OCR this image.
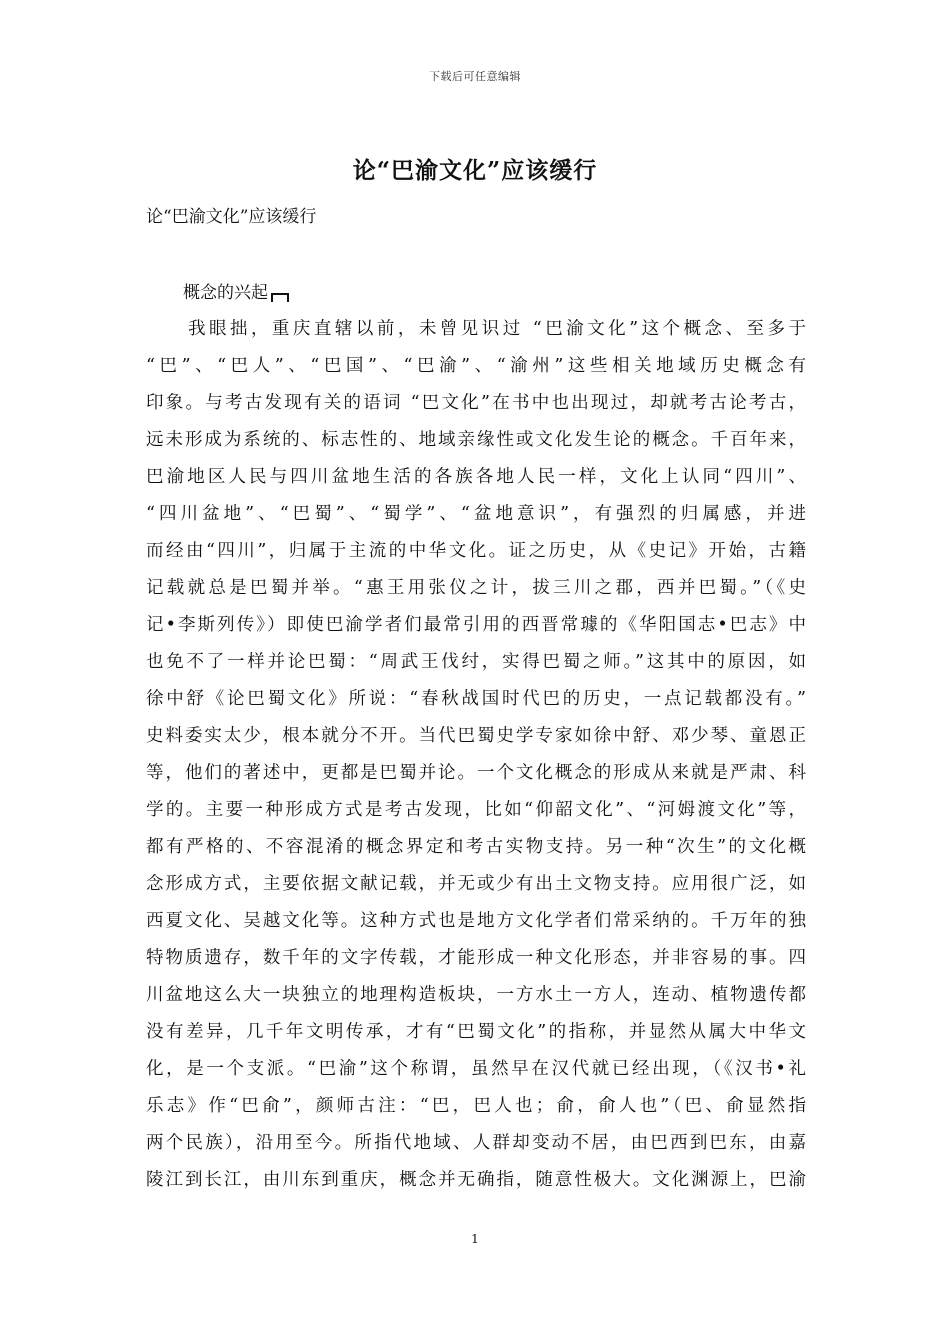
下载后可任意编辑
论“巴渝文化”应该缓行
论“巴渝文化”应该缓行
概念的兴起
我眼拙，重庆直辖以前，未曾见识过 “巴渝文化”这个概念、至多于
“巴”、“巴人”、“巴国”、“巴渝”、“渝州”这些相关地域历史概念有
印象。与考古发现有关的语词 “巴文化”在书中也出现过，却就考古论考古，
远未形成为系统的、标志性的、地域亲缘性或文化发生论的概念。千百年来，
巴渝地区人民与四川盆地生活的各族各地人民一样，文化上认同“四川”、
“四川盆地”、“巴蜀”、“蜀学”、“盆地意识”，有强烈的归属感，并进
而经由“四川”，归属于主流的中华文化。证之历史，从《史记》开始，古籍
记载就总是巴蜀并举。“惠王用张仪之计，拔三川之郡，西并巴蜀。”（《史
记•李斯列传》）即使巴渝学者们最常引用的西晋常璩的《华阳国志•巴志》中
也免不了一样并论巴蜀：“周武王伐纣，实得巴蜀之师。”这其中的原因，如
徐中舒《论巴蜀文化》所说：“春秋战国时代巴的历史，一点记载都没有。”
史料委实太少，根本就分不开。当代巴蜀史学专家如徐中舒、邓少琴、童恩正
等，他们的著述中，更都是巴蜀并论。一个文化概念的形成从来就是严肃、科
学的。主要一种形成方式是考古发现，比如“仰韶文化”、“河姆渡文化”等，
都有严格的、不容混淆的概念界定和考古实物支持。另一种“次生”的文化概
念形成方式，主要依据文献记载，并无或少有出土文物支持。应用很广泛，如
西夏文化、吴越文化等。这种方式也是地方文化学者们常采纳的。千万年的独
特物质遗存，数千年的文字传载，才能形成一种文化形态，并非容易的事。四
川盆地这么大一块独立的地理构造板块，一方水土一方人，连动、植物遗传都
没有差异，几千年文明传承，才有“巴蜀文化”的指称，并显然从属大中华文
化，是一个支派。“巴渝”这个称谓，虽然早在汉代就已经出现，（《汉书•礼
乐志》作“巴俞”，颜师古注：“巴，巴人也；俞，俞人也”（巴、俞显然指
两个民族），沿用至今。所指代地域、人群却变动不居，由巴西到巴东，由嘉
陵江到长江，由川东到重庆，概念并无确指，随意性极大。文化渊源上，巴渝
1
